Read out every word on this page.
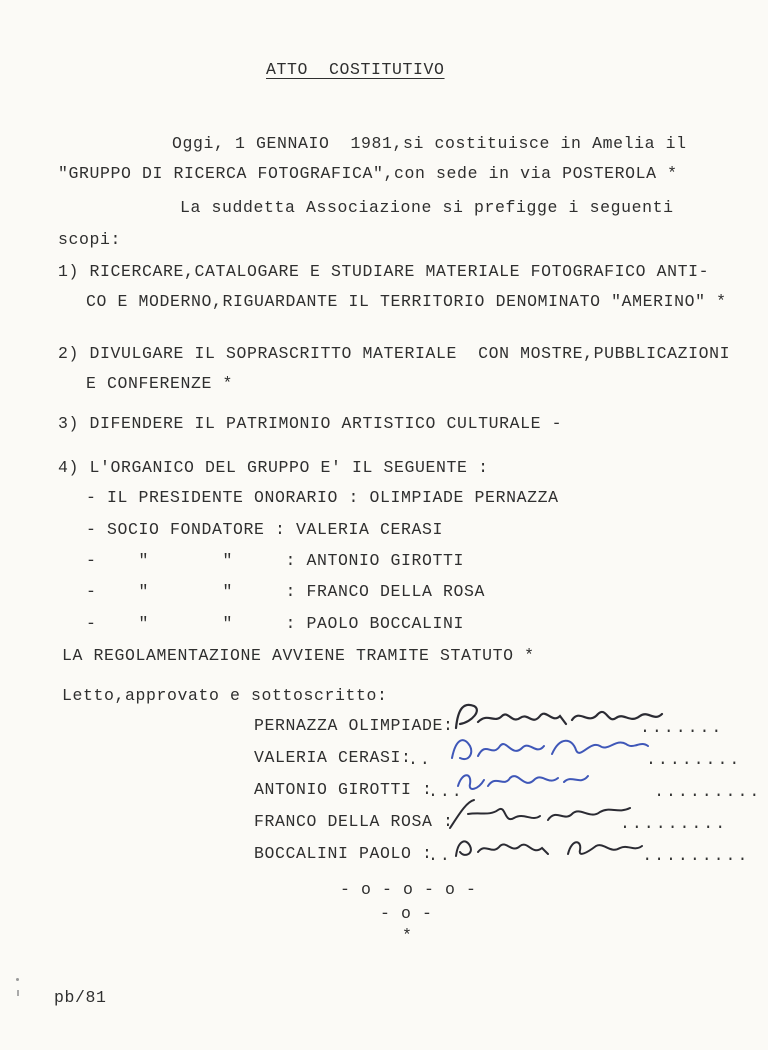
ATTO  COSTITUTIVO
Oggi, 1 GENNAIO  1981,si costituisce in Amelia il
"GRUPPO DI RICERCA FOTOGRAFICA",con sede in via POSTEROLA *
La suddetta Associazione si prefigge i seguenti
scopi:
1) RICERCARE,CATALOGARE E STUDIARE MATERIALE FOTOGRAFICO ANTI-
CO E MODERNO,RIGUARDANTE IL TERRITORIO DENOMINATO "AMERINO" *
2) DIVULGARE IL SOPRASCRITTO MATERIALE  CON MOSTRE,PUBBLICAZIONI
E CONFERENZE *
3) DIFENDERE IL PATRIMONIO ARTISTICO CULTURALE -
4) L'ORGANICO DEL GRUPPO E' IL SEGUENTE :
- IL PRESIDENTE ONORARIO : OLIMPIADE PERNAZZA
- SOCIO FONDATORE : VALERIA CERASI
-    "       "     : ANTONIO GIROTTI
-    "       "     : FRANCO DELLA ROSA
-    "       "     : PAOLO BOCCALINI
LA REGOLAMENTAZIONE AVVIENE TRAMITE STATUTO *
Letto,approvato e sottoscritto:
PERNAZZA OLIMPIADE:	.......
VALERIA CERASI:
..                  ........
ANTONIO GIROTTI :
...                .........
FRANCO DELLA ROSA :	.........
BOCCALINI PAOLO :
..                .........
- o - o - o -
- o -
*
pb/81
